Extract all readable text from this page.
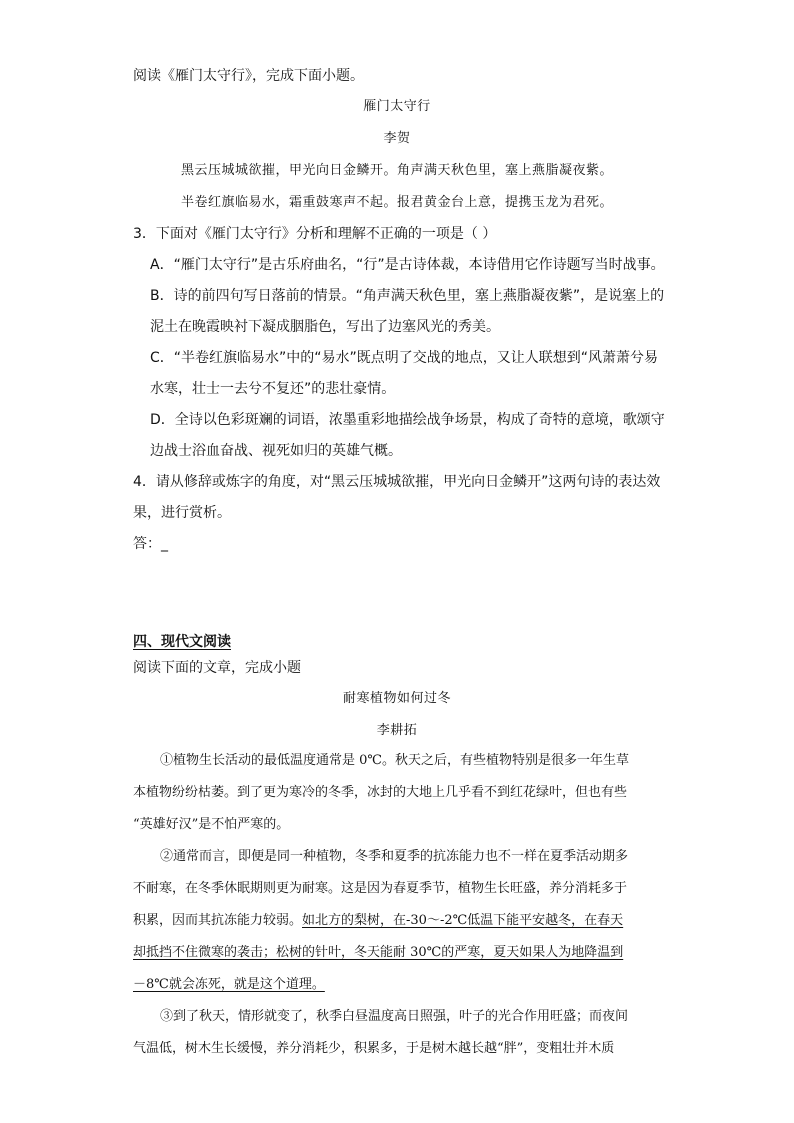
阅读《雁门太守行》，完成下面小题。
雁门太守行
李贺
黑云压城城欲摧，甲光向日金鳞开。角声满天秋色里，塞上燕脂凝夜紫。
半卷红旗临易水，霜重鼓寒声不起。报君黄金台上意，提携玉龙为君死。
3．下面对《雁门太守行》分析和理解不正确的一项是（ ）
A．“雁门太守行”是古乐府曲名，“行”是古诗体裁，本诗借用它作诗题写当时战事。
B．诗的前四句写日落前的情景。“角声满天秋色里，塞上燕脂凝夜紫”，是说塞上的
泥土在晚霞映衬下凝成胭脂色，写出了边塞风光的秀美。
C．“半卷红旗临易水”中的“易水”既点明了交战的地点，又让人联想到“风萧萧兮易
水寒，壮士一去兮不复还”的悲壮豪情。
D．全诗以色彩斑斓的词语，浓墨重彩地描绘战争场景，构成了奇特的意境，歌颂守
边战士浴血奋战、视死如归的英雄气概。
4．请从修辞或炼字的角度，对“黑云压城城欲摧，甲光向日金鳞开”这两句诗的表达效
果，进行赏析。
答：_
四、现代文阅读
阅读下面的文章，完成小题
耐寒植物如何过冬
李耕拓
①植物生长活动的最低温度通常是 0℃。秋天之后，有些植物特别是很多一年生草
本植物纷纷枯萎。到了更为寒冷的冬季，冰封的大地上几乎看不到红花绿叶，但也有些
“英雄好汉”是不怕严寒的。
②通常而言，即便是同一种植物，冬季和夏季的抗冻能力也不一样在夏季活动期多
不耐寒，在冬季休眠期则更为耐寒。这是因为春夏季节，植物生长旺盛，养分消耗多于
积累，因而其抗冻能力较弱。如北方的梨树，在-30～-2℃低温下能平安越冬，在春天
却抵挡不住微寒的袭击；松树的针叶，冬天能耐 30℃的严寒，夏天如果人为地降温到
－8℃就会冻死，就是这个道理。
③到了秋天，情形就变了，秋季白昼温度高日照强，叶子的光合作用旺盛；而夜间
气温低，树木生长缓慢，养分消耗少，积累多，于是树木越长越“胖”，变粗壮并木质
